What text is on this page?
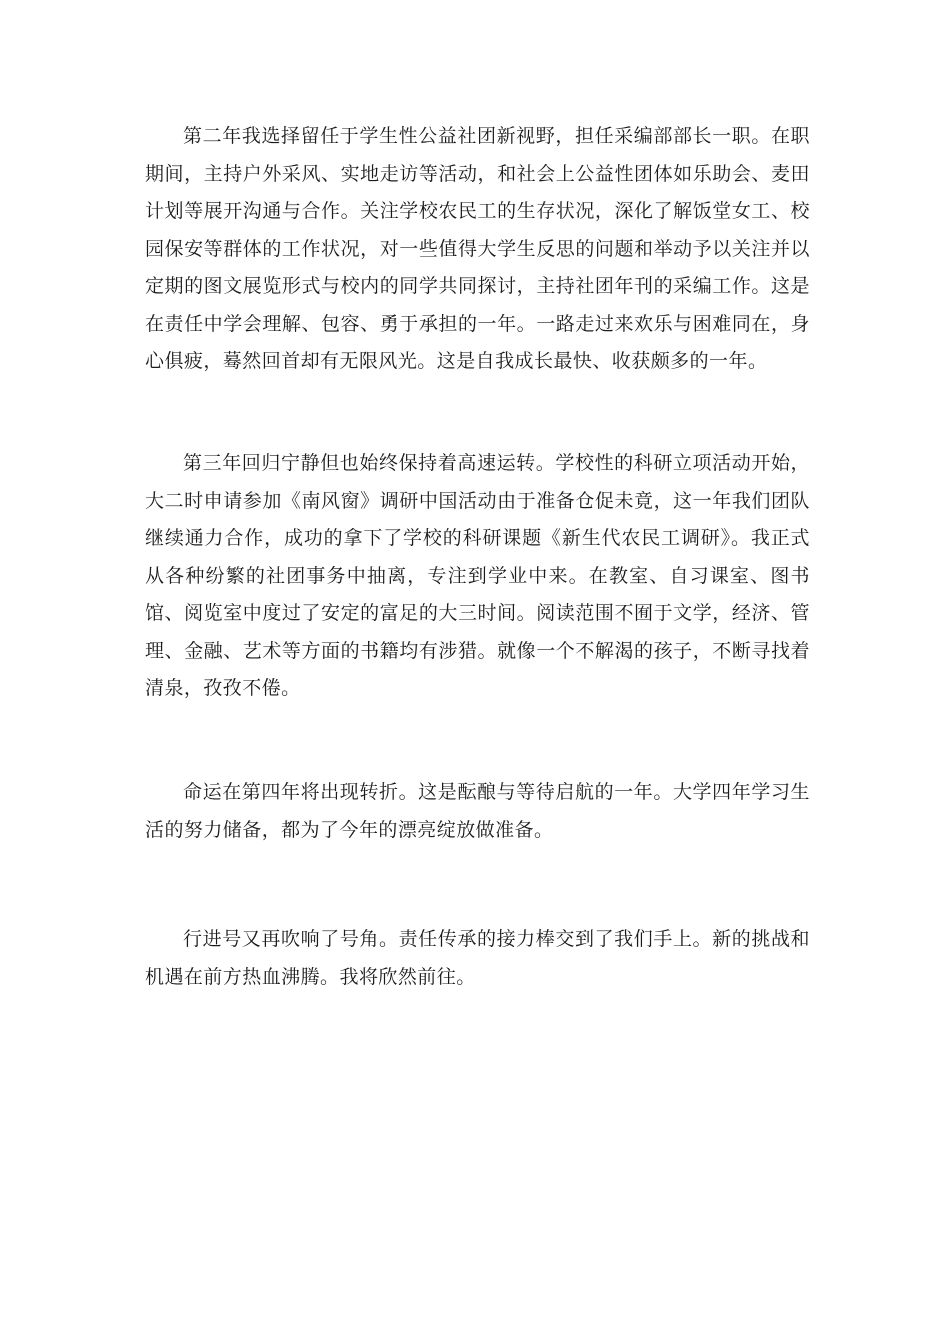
第二年我选择留任于学生性公益社团新视野，担任采编部部长一职。在职期间，主持户外采风、实地走访等活动，和社会上公益性团体如乐助会、麦田计划等展开沟通与合作。关注学校农民工的生存状况，深化了解饭堂女工、校园保安等群体的工作状况，对一些值得大学生反思的问题和举动予以关注并以定期的图文展览形式与校内的同学共同探讨，主持社团年刊的采编工作。这是在责任中学会理解、包容、勇于承担的一年。一路走过来欢乐与困难同在，身心俱疲，蓦然回首却有无限风光。这是自我成长最快、收获颇多的一年。

第三年回归宁静但也始终保持着高速运转。学校性的科研立项活动开始，大二时申请参加《南风窗》调研中国活动由于准备仓促未竟，这一年我们团队继续通力合作，成功的拿下了学校的科研课题《新生代农民工调研》。我正式从各种纷繁的社团事务中抽离，专注到学业中来。在教室、自习课室、图书馆、阅览室中度过了安定的富足的大三时间。阅读范围不囿于文学，经济、管理、金融、艺术等方面的书籍均有涉猎。就像一个不解渴的孩子，不断寻找着清泉，孜孜不倦。

命运在第四年将出现转折。这是酝酿与等待启航的一年。大学四年学习生活的努力储备，都为了今年的漂亮绽放做准备。

行进号又再吹响了号角。责任传承的接力棒交到了我们手上。新的挑战和机遇在前方热血沸腾。我将欣然前往。
